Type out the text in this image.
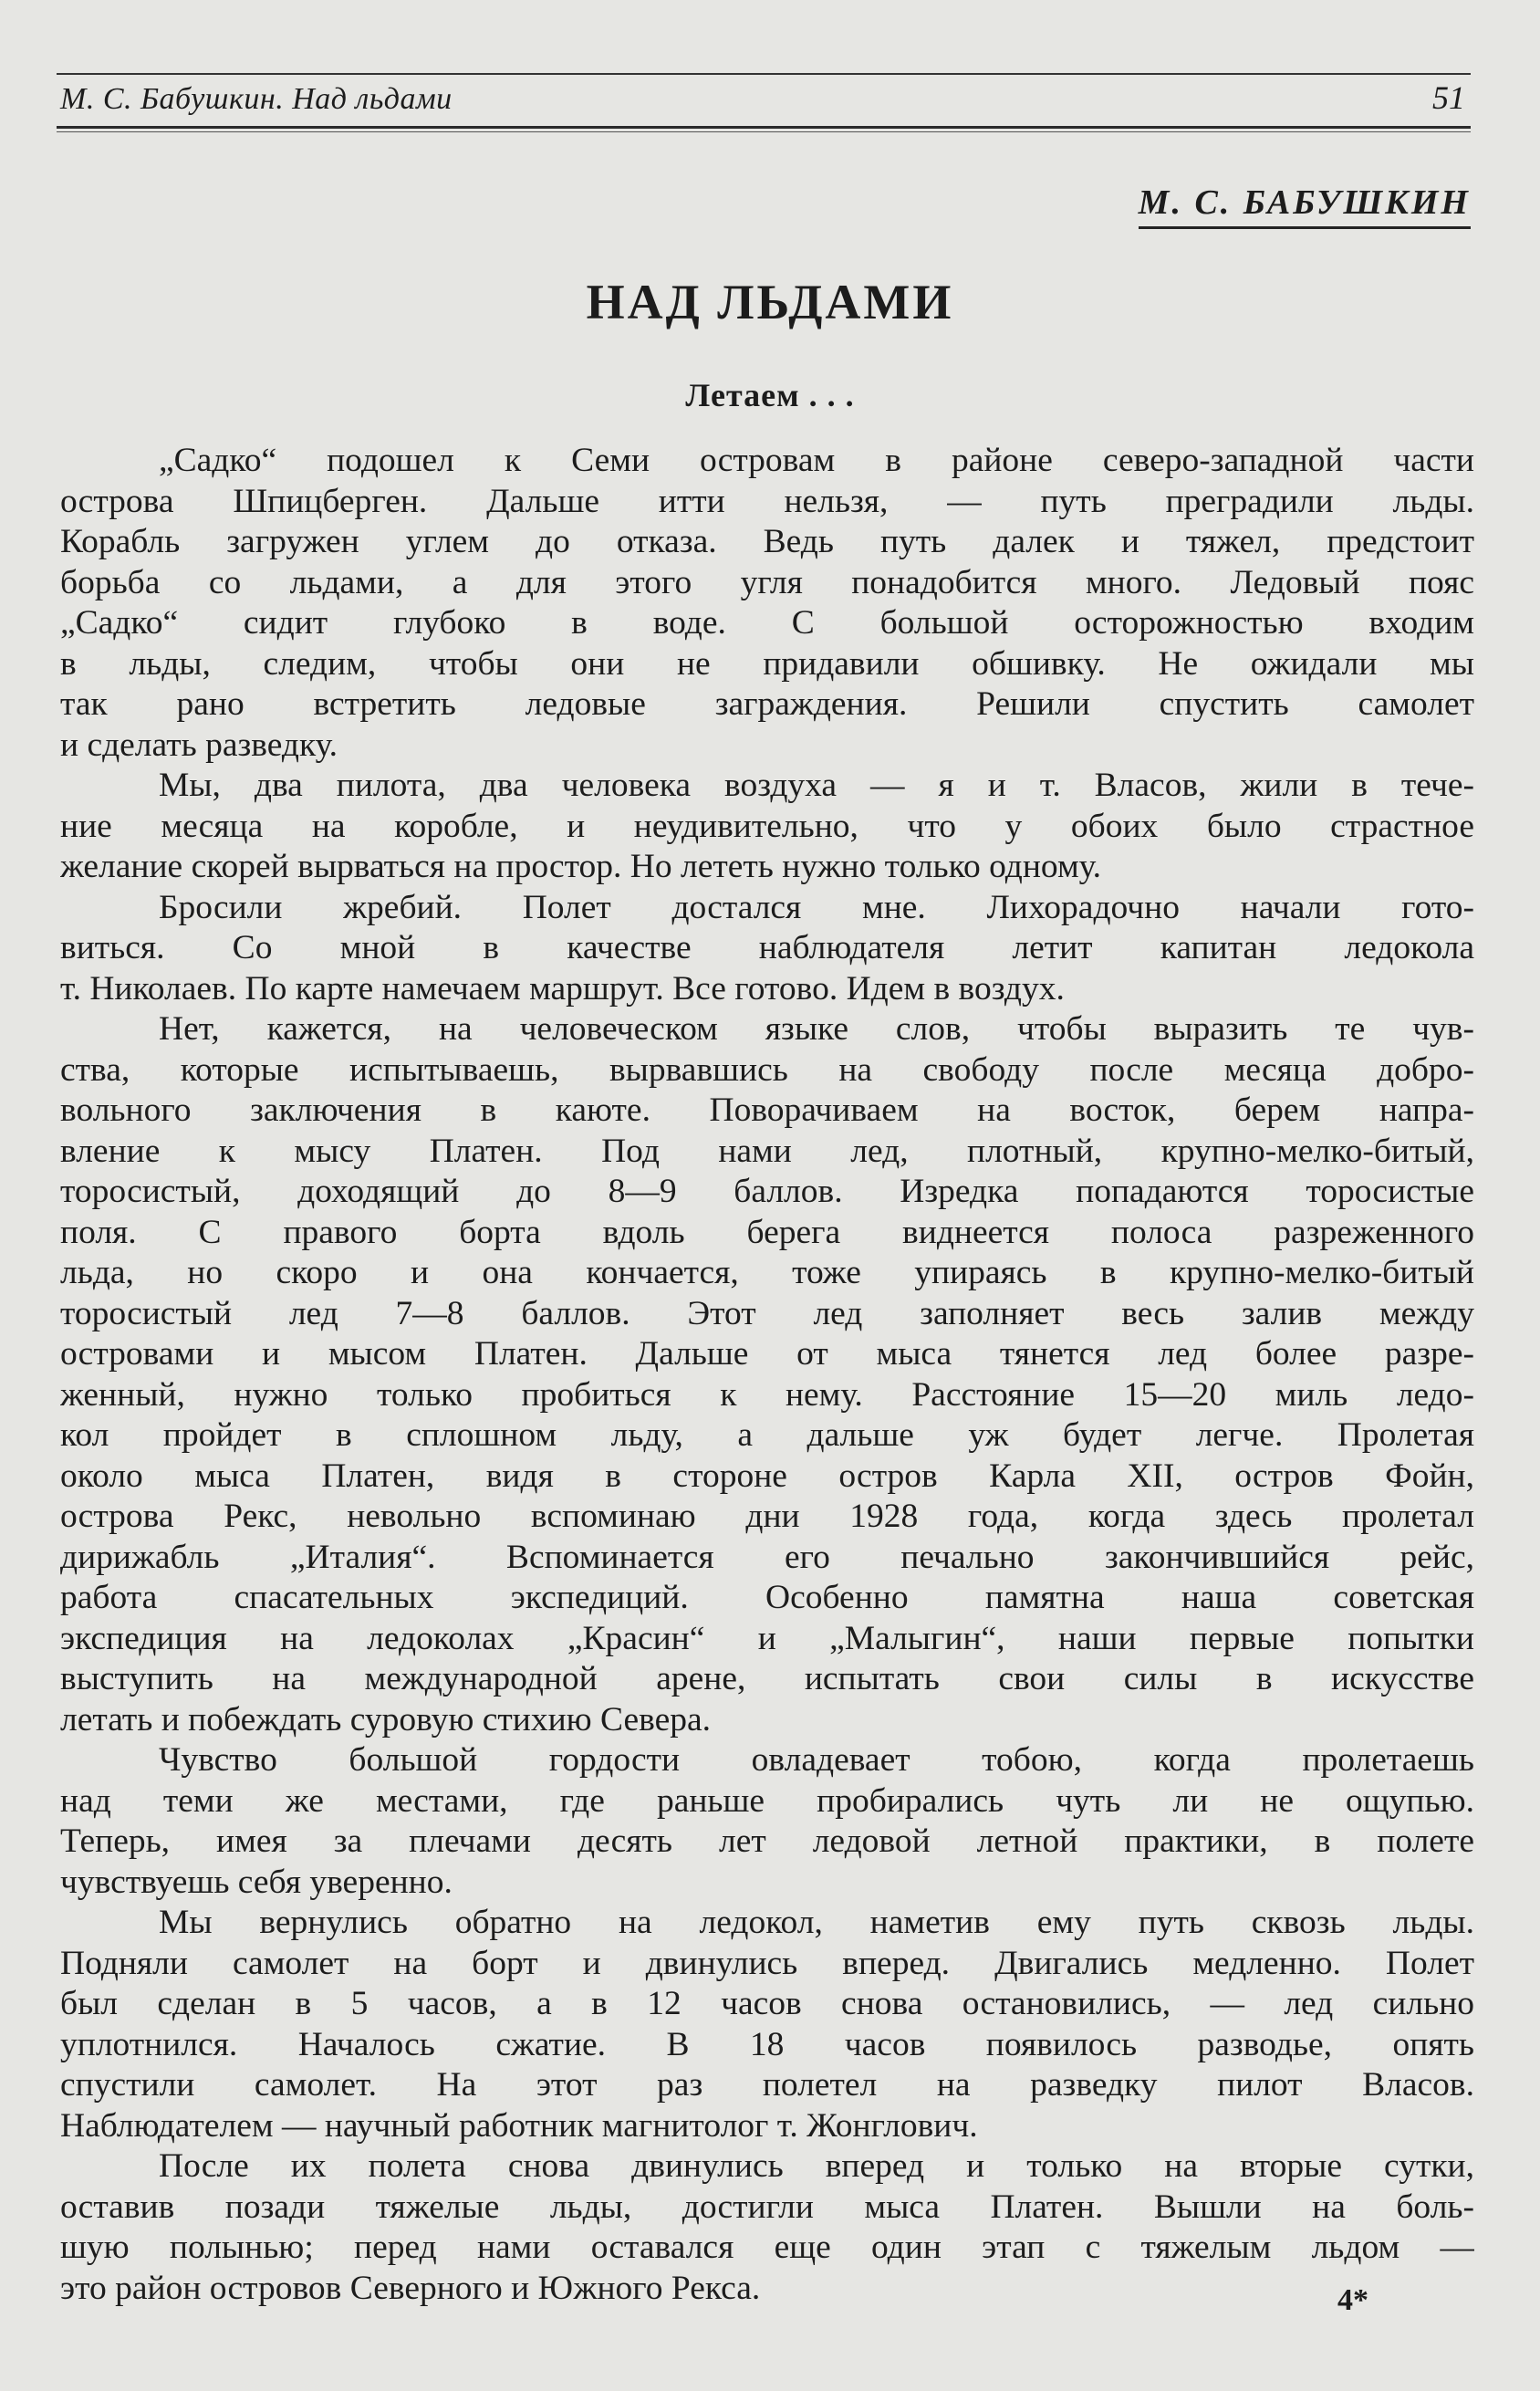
М. С. Бабушкин. Над льдами	51
М. С. БАБУШКИН
НАД ЛЬДАМИ
Летаем . . .
„Садко“ подошел к Семи островам в районе северо-западной части
острова Шпицберген. Дальше итти нельзя, — путь преградили льды.
Корабль загружен углем до отказа. Ведь путь далек и тяжел, предстоит
борьба со льдами, а для этого угля понадобится много. Ледовый пояс
„Садко“ сидит глубоко в воде. С большой осторожностью входим
в льды, следим, чтобы они не придавили обшивку. Не ожидали мы
так рано встретить ледовые заграждения. Решили спустить самолет
и сделать разведку.
Мы, два пилота, два человека воздуха — я и т. Власов, жили в тече-
ние месяца на коробле, и неудивительно, что у обоих было страстное
желание скорей вырваться на простор. Но лететь нужно только одному.
Бросили жребий. Полет достался мне. Лихорадочно начали гото-
виться. Со мной в качестве наблюдателя летит капитан ледокола
т. Николаев. По карте намечаем маршрут. Все готово. Идем в воздух.
Нет, кажется, на человеческом языке слов, чтобы выразить те чув-
ства, которые испытываешь, вырвавшись на свободу после месяца добро-
вольного заключения в каюте. Поворачиваем на восток, берем напра-
вление к мысу Платен. Под нами лед, плотный, крупно-мелко-битый,
торосистый, доходящий до 8—9 баллов. Изредка попадаются торосистые
поля. С правого борта вдоль берега виднеется полоса разреженного
льда, но скоро и она кончается, тоже упираясь в крупно-мелко-битый
торосистый лед 7—8 баллов. Этот лед заполняет весь залив между
островами и мысом Платен. Дальше от мыса тянется лед более разре-
женный, нужно только пробиться к нему. Расстояние 15—20 миль ледо-
кол пройдет в сплошном льду, а дальше уж будет легче. Пролетая
около мыса Платен, видя в стороне остров Карла XII, остров Фойн,
острова Рекс, невольно вспоминаю дни 1928 года, когда здесь пролетал
дирижабль „Италия“. Вспоминается его печально закончившийся рейс,
работа спасательных экспедиций. Особенно памятна наша советская
экспедиция на ледоколах „Красин“ и „Малыгин“, наши первые попытки
выступить на международной арене, испытать свои силы в искусстве
летать и побеждать суровую стихию Севера.
Чувство большой гордости овладевает тобою, когда пролетаешь
над теми же местами, где раньше пробирались чуть ли не ощупью.
Теперь, имея за плечами десять лет ледовой летной практики, в полете
чувствуешь себя уверенно.
Мы вернулись обратно на ледокол, наметив ему путь сквозь льды.
Подняли самолет на борт и двинулись вперед. Двигались медленно. Полет
был сделан в 5 часов, а в 12 часов снова остановились, — лед сильно
уплотнился. Началось сжатие. В 18 часов появилось разводье, опять
спустили самолет. На этот раз полетел на разведку пилот Власов.
Наблюдателем — научный работник магнитолог т. Жонглович.
После их полета снова двинулись вперед и только на вторые сутки,
оставив позади тяжелые льды, достигли мыса Платен. Вышли на боль-
шую полынью; перед нами оставался еще один этап с тяжелым льдом —
это район островов Северного и Южного Рекса.	4*
